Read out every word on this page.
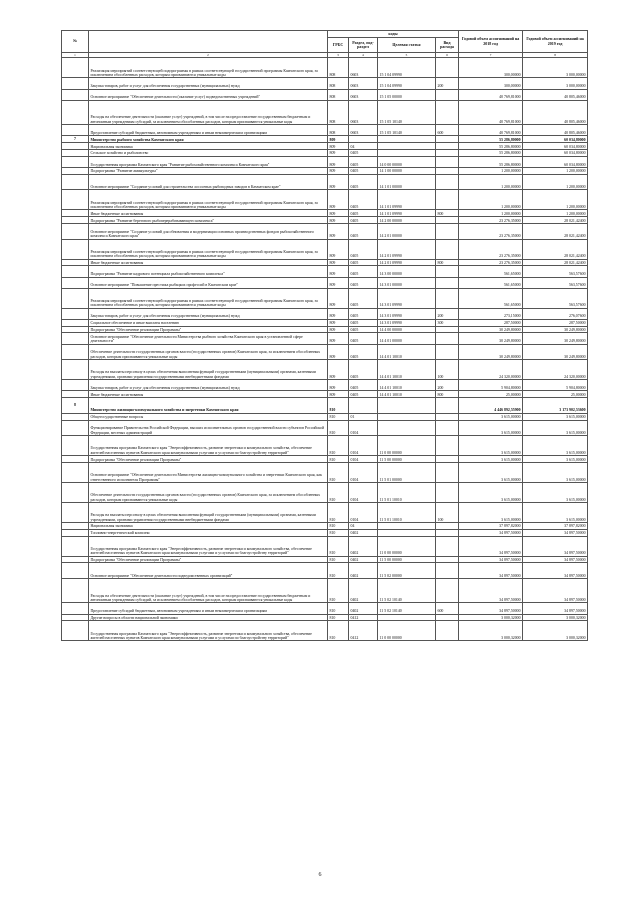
№		коды				Годовой объем ассигнований на 2018 год	Годовой объем ассигнований на 2019 год
		ГРБС	Раздел, под-раздел	Целевая статья	Вид расхода		
1	2	3	4	5	6	7	8
	Реализация мероприятий соответствующей подпрограммы в рамках соответствующей государственной программы Камчатского края, за исключением обособленных расходов, которым присваиваются уникальные коды	808	0603	15 1 04 09990		300,00000	3 000,00000
	Закупка товаров, работ и услуг для обеспечения государственных (муниципальных) нужд	808	0603	15 1 04 09990	200	300,00000	3 000,00000
	Основное мероприятие "Обеспечение деятельности (оказание услуг) подведомственных учреждений"	808	0603	15 1 05 00000		40 769,81000	40 805,46000
	Расходы на обеспечение деятельности (оказание услуг) учреждений, в том числе на предоставление государственным бюджетным и автономным учреждениям субсидий, за исключением обособленных расходов, которым присваиваются уникальные коды	808	0603	15 1 05 10140		40 769,81000	40 805,46000
	Предоставление субсидий бюджетным, автономным учреждениям и иным некоммерческим организациям	808	0603	15 1 05 10140	600	40 769,81000	40 805,46000
7	Министерство рыбного хозяйства Камчатского края	809				55 286,80000	60 034,80000
	Национальная экономика	809	04			55 286,80000	60 034,80000
	Сельское хозяйство и рыболовство	809	0405			55 286,80000	60 034,80000
	Государственная программа Камчатского края "Развитие рыбохозяйственного комплекса Камчатского края"	809	0405	14 0 00 00000		55 286,80000	60 034,80000
	Подпрограмма "Развитие аквакультуры"	809	0405	14 1 00 00000		1 200,00000	1 200,00000
	Основное мероприятие "Создание условий для строительства лососевых рыбоводных заводов в Камчатском крае"	809	0405	14 1 01 00000		1 200,00000	1 200,00000
	Реализация мероприятий соответствующей подпрограммы в рамках соответствующей государственной программы Камчатского края, за исключением обособленных расходов, которым присваиваются уникальные коды	809	0405	14 1 01 09990		1 200,00000	1 200,00000
	Иные бюджетные ассигнования	809	0405	14 1 01 09990	800	1 200,00000	1 200,00000
	Подпрограмма "Развитие берегового рыбоперерабатывающего комплекса"	809	0405	14 2 00 00000		23 276,35000	28 021,42400
	Основное мероприятие "Создание условий для обновления и модернизации основных производственных фондов рыбохозяйственного комплекса Камчатского края"	809	0405	14 2 01 00000		23 276,35000	28 021,42400
	Реализация мероприятий соответствующей подпрограммы в рамках соответствующей государственной программы Камчатского края, за исключением обособленных расходов, которым присваиваются уникальные коды	809	0405	14 2 01 09990		23 276,35000	28 021,42400
	Иные бюджетные ассигнования	809	0405	14 2 01 09990	800	23 276,35000	28 021,42400
	Подпрограмма "Развитие кадрового потенциала рыбохозяйственного комплекса"	809	0405	14 3 00 00000		561,65000	563,57600
	Основное мероприятие "Повышение престижа рыбацких профессий в Камчатском крае"	809	0405	14 3 01 00000		561,65000	563,57600
	Реализация мероприятий соответствующей подпрограммы в рамках соответствующей государственной программы Камчатского края, за исключением обособленных расходов, которым присваиваются уникальные коды	809	0405	14 3 01 09990		561,65000	563,57600
	Закупка товаров, работ и услуг для обеспечения государственных (муниципальных) нужд	809	0405	14 3 01 09990	200	273,15000	276,07600
	Социальное обеспечение и иные выплаты населению	809	0405	14 3 01 09990	300	287,50000	287,50000
	Подпрограмма "Обеспечение реализации Программы"	809	0405	14 4 00 00000		30 249,80000	30 249,80000
	Основное мероприятие "Обеспечение деятельности Министерства рыбного хозяйства Камчатского края в установленной сфере деятельности"	809	0405	14 4 01 00000		30 249,80000	30 249,80000
	Обеспечение деятельности государственных органов власти (государственных органов) Камчатского края, за исключением обособленных расходов, которым присваиваются уникальные коды	809	0405	14 4 01 10010		30 249,80000	30 249,80000
	Расходы на выплаты персоналу в целях обеспечения выполнения функций государственными (муниципальными) органами, казенными учреждениями, органами управления государственными внебюджетными фондами	809	0405	14 4 01 10010	100	24 320,00000	24 320,00000
	Закупка товаров, работ и услуг для обеспечения государственных (муниципальных) нужд	809	0405	14 4 01 10010	200	5 904,80000	5 904,80000
	Иные бюджетные ассигнования	809	0405	14 4 01 10010	800	25,00000	25,00000
8	Министерство жилищно-коммунального хозяйства и энергетики Камчатского края	810				4 446 892,55900	3 173 902,53600
	Общегосударственные вопросы	810	01			3 615,00000	3 615,00000
	Функционирование Правительства Российской Федерации, высших исполнительных органов государственной власти субъектов Российской Федерации, местных администраций	810	0104			3 615,00000	3 615,00000
	Государственная программа Камчатского края "Энергоэффективность, развитие энергетики и коммунального хозяйства, обеспечение жителей населенных пунктов Камчатского края коммунальными услугами и услугами по благоустройству территорий"	810	0104	11 0 00 00000		3 615,00000	3 615,00000
	Подпрограмма "Обеспечение реализации Программы"	810	0104	11 5 00 00000		3 615,00000	3 615,00000
	Основное мероприятие "Обеспечение деятельности Министерства жилищно-коммунального хозяйства и энергетики Камчатского края, как ответственного исполнителя Программы"	810	0104	11 5 01 00000		3 615,00000	3 615,00000
	Обеспечение деятельности государственных органов власти (государственных органов) Камчатского края, за исключением обособленных расходов, которым присваиваются уникальные коды	810	0104	11 5 01 10010		3 615,00000	3 615,00000
	Расходы на выплаты персоналу в целях обеспечения выполнения функций государственными (муниципальными) органами, казенными учреждениями, органами управления государственными внебюджетными фондами	810	0104	11 5 01 10010	100	3 615,00000	3 615,00000
	Национальная экономика	810	04			37 897,82000	37 897,82000
	Топливно-энергетический комплекс	810	0402			34 897,50000	34 897,50000
	Государственная программа Камчатского края "Энергоэффективность, развитие энергетики и коммунального хозяйства, обеспечение жителей населенных пунктов Камчатского края коммунальными услугами и услугами по благоустройству территорий"	810	0402	11 0 00 00000		34 897,50000	34 897,50000
	Подпрограмма "Обеспечение реализации Программы"	810	0402	11 5 00 00000		34 897,50000	34 897,50000
	Основное мероприятие "Обеспечение деятельности подведомственных организаций"	810	0402	11 5 02 00000		34 897,50000	34 897,50000
	Расходы на обеспечение деятельности (оказание услуг) учреждений, в том числе на предоставление государственным бюджетным и автономным учреждениям субсидий, за исключением обособленных расходов, которым присваиваются уникальные коды	810	0402	11 5 02 10140		34 897,50000	34 897,50000
	Предоставление субсидий бюджетным, автономным учреждениям и иным некоммерческим организациям	810	0402	11 5 02 10140	600	34 897,50000	34 897,50000
	Другие вопросы в области национальной экономики	810	0412			3 000,32000	3 000,32000
	Государственная программа Камчатского края "Энергоэффективность, развитие энергетики и коммунального хозяйства, обеспечение жителей населенных пунктов Камчатского края коммунальными услугами и услугами по благоустройству территорий"	810	0412	11 0 00 00000		3 000,32000	3 000,32000
6
